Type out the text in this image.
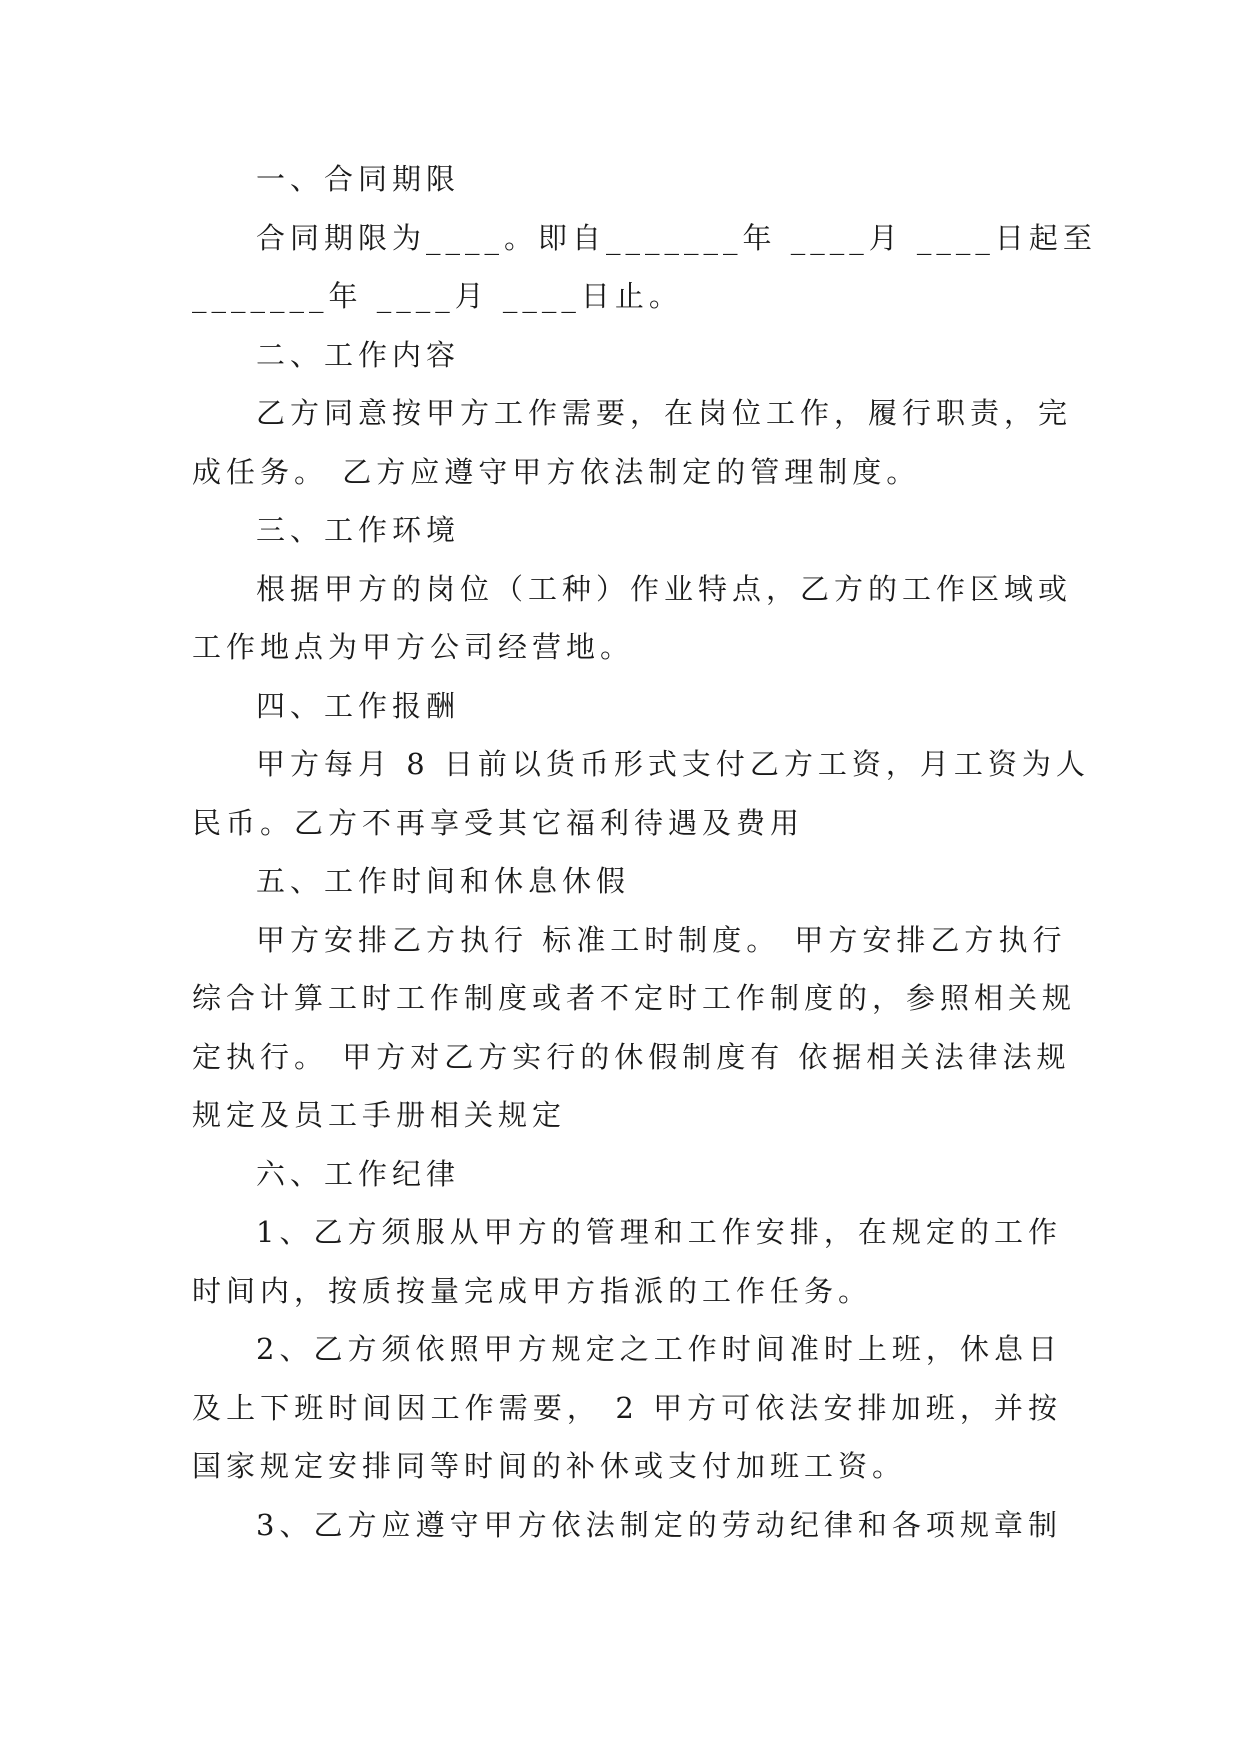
一、合同期限
合同期限为____。即自_______年 ____月 ____日起至
_______年 ____月 ____日止。
二、工作内容
乙方同意按甲方工作需要，在岗位工作，履行职责，完
成任务。 乙方应遵守甲方依法制定的管理制度。
三、工作环境
根据甲方的岗位（工种）作业特点，乙方的工作区域或
工作地点为甲方公司经营地。
四、工作报酬
甲方每月 8 日前以货币形式支付乙方工资，月工资为人
民币。乙方不再享受其它福利待遇及费用
五、工作时间和休息休假
甲方安排乙方执行 标准工时制度。 甲方安排乙方执行
综合计算工时工作制度或者不定时工作制度的，参照相关规
定执行。 甲方对乙方实行的休假制度有 依据相关法律法规
规定及员工手册相关规定
六、工作纪律
1、乙方须服从甲方的管理和工作安排，在规定的工作
时间内，按质按量完成甲方指派的工作任务。
2、乙方须依照甲方规定之工作时间准时上班，休息日
及上下班时间因工作需要， 2 甲方可依法安排加班，并按
国家规定安排同等时间的补休或支付加班工资。
3、乙方应遵守甲方依法制定的劳动纪律和各项规章制
